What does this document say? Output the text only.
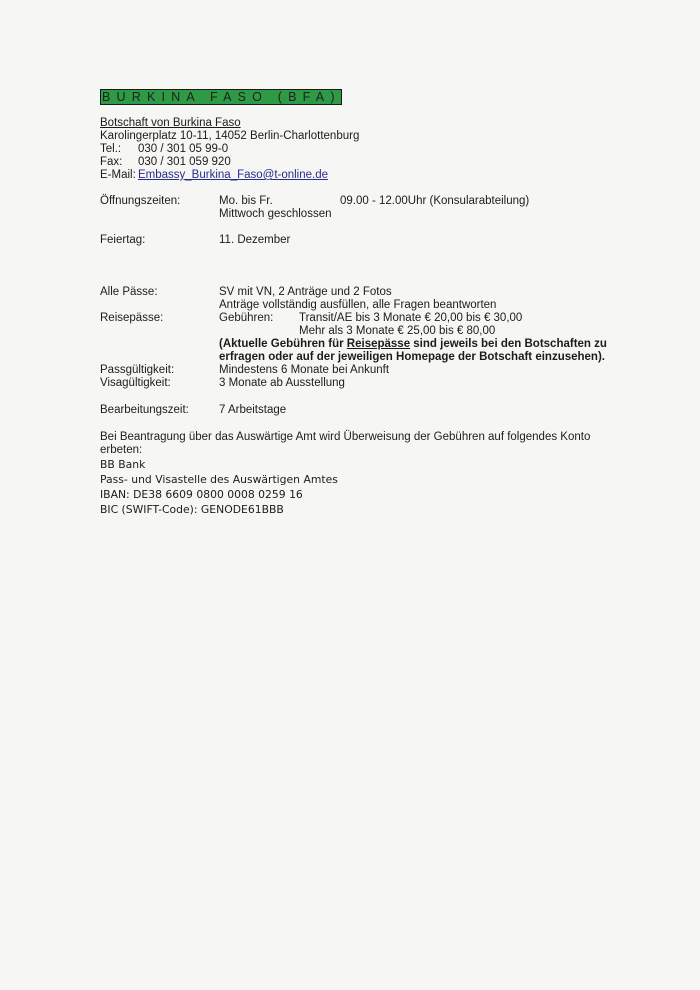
BURKINA FASO (BFA)
Botschaft von Burkina Faso
Karolingerplatz 10-11, 14052 Berlin-Charlottenburg
Tel.: 030 / 301 05 99-0
Fax: 030 / 301 059 920
E-Mail: Embassy_Burkina_Faso@t-online.de
Öffnungszeiten:	Mo. bis Fr.	09.00 - 12.00Uhr (Konsularabteilung)
Mittwoch geschlossen
Feiertag:	11. Dezember
Alle Pässe:	SV mit VN, 2 Anträge und 2 Fotos
Anträge vollständig ausfüllen, alle Fragen beantworten
Reisepässe:	Gebühren: Transit/AE bis 3 Monate € 20,00 bis € 30,00
Mehr als 3 Monate € 25,00 bis € 80,00
(Aktuelle Gebühren für Reisepässe sind jeweils bei den Botschaften zu
erfragen oder auf der jeweiligen Homepage der Botschaft einzusehen).
Passgültigkeit:	Mindestens 6 Monate bei Ankunft
Visagültigkeit:	3 Monate ab Ausstellung
Bearbeitungszeit:	7 Arbeitstage
Bei Beantragung über das Auswärtige Amt wird Überweisung der Gebühren auf folgendes Konto
erbeten:
BB Bank
Pass- und Visastelle des Auswärtigen Amtes
IBAN: DE38 6609 0800 0008 0259 16
BIC (SWIFT-Code): GENODE61BBB
